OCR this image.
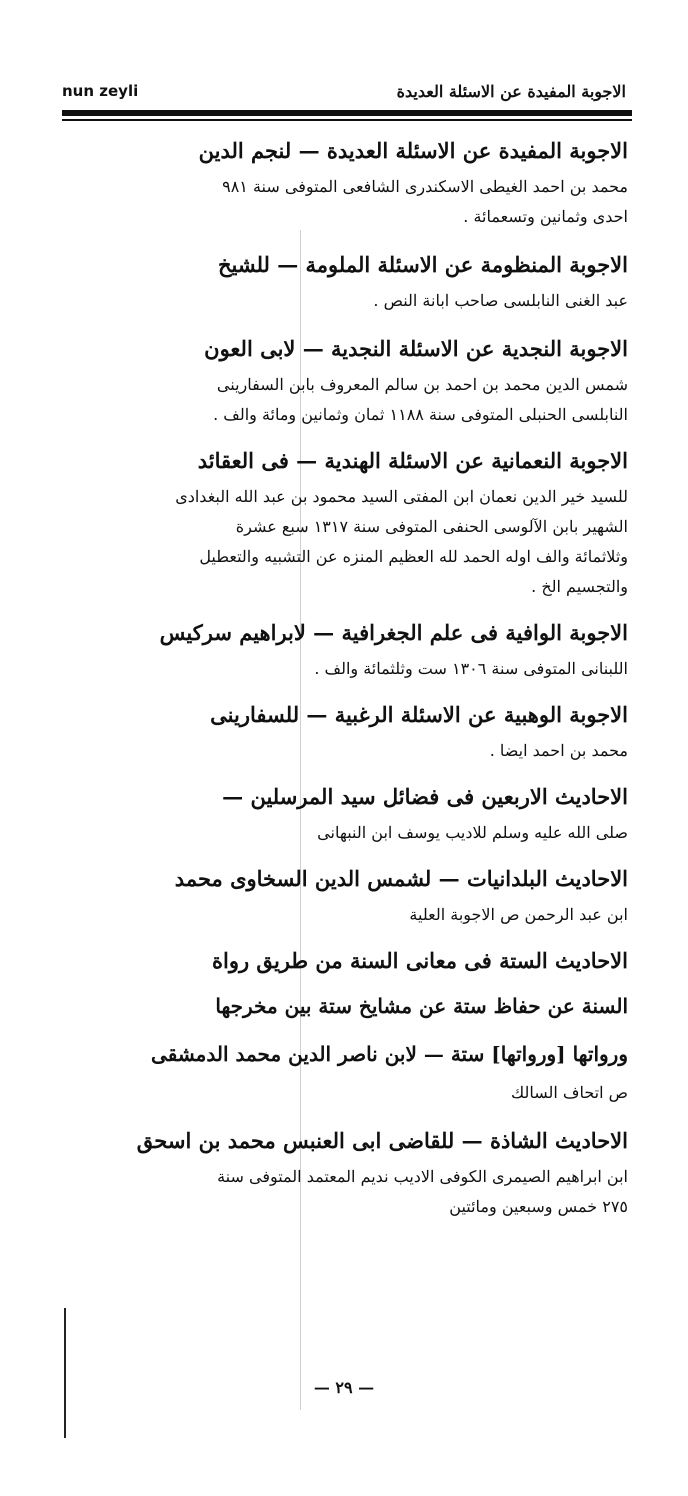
nun zeyli	الاجوبة المفيدة عن الاسئلة العديدة
الاجوبة المفيدة عن الاسئلة العديدة — لنجم الدين
محمد بن احمد الغيطى الاسكندرى الشافعى المتوفى سنة ٩٨١
احدى وثمانين وتسعمائة .
الاجوبة المنظومة عن الاسئلة الملومة — للشيخ
عبد الغنى النابلسى صاحب ابانة النص .
الاجوبة النجدية عن الاسئلة النجدية — لابى العون
شمس الدين محمد بن احمد بن سالم المعروف بابن السفارينى
النابلسى الحنبلى المتوفى سنة ١١٨٨ ثمان وثمانين ومائة والف .
الاجوبة النعمانية عن الاسئلة الهندية — فى العقائد
للسيد خير الدين نعمان ابن المفتى السيد محمود بن عبد الله البغدادى
الشهير بابن الآلوسى الحنفى المتوفى سنة ١٣١٧ سبع عشرة
وثلاثمائة والف اوله الحمد لله العظيم المنزه عن التشبيه والتعطيل
والتجسيم الخ .
الاجوبة الوافية فى علم الجغرافية — لابراهيم سركيس
اللبنانى المتوفى سنة ١٣٠٦ ست وثلثمائة والف .
الاجوبة الوهبية عن الاسئلة الرغبية — للسفارينى
محمد بن احمد ايضا .
الاحاديث الاربعين فى فضائل سيد المرسلين —
صلى الله عليه وسلم للاديب يوسف ابن النبهانى
الاحاديث البلدانيات — لشمس الدين السخاوى محمد
ابن عبد الرحمن ص الاجوبة العلية
الاحاديث الستة فى معانى السنة من طريق رواة
السنة عن حفاظ ستة عن مشايخ ستة بين مخرجها
ورواتها [ورواتها] ستة — لابن ناصر الدين محمد الدمشقى
ص اتحاف السالك
الاحاديث الشاذة — للقاضى ابى العنبس محمد بن اسحق
ابن ابراهيم الصيمرى الكوفى الاديب نديم المعتمد المتوفى سنة
٢٧٥ خمس وسبعين ومائتين
— ٢٩ —
